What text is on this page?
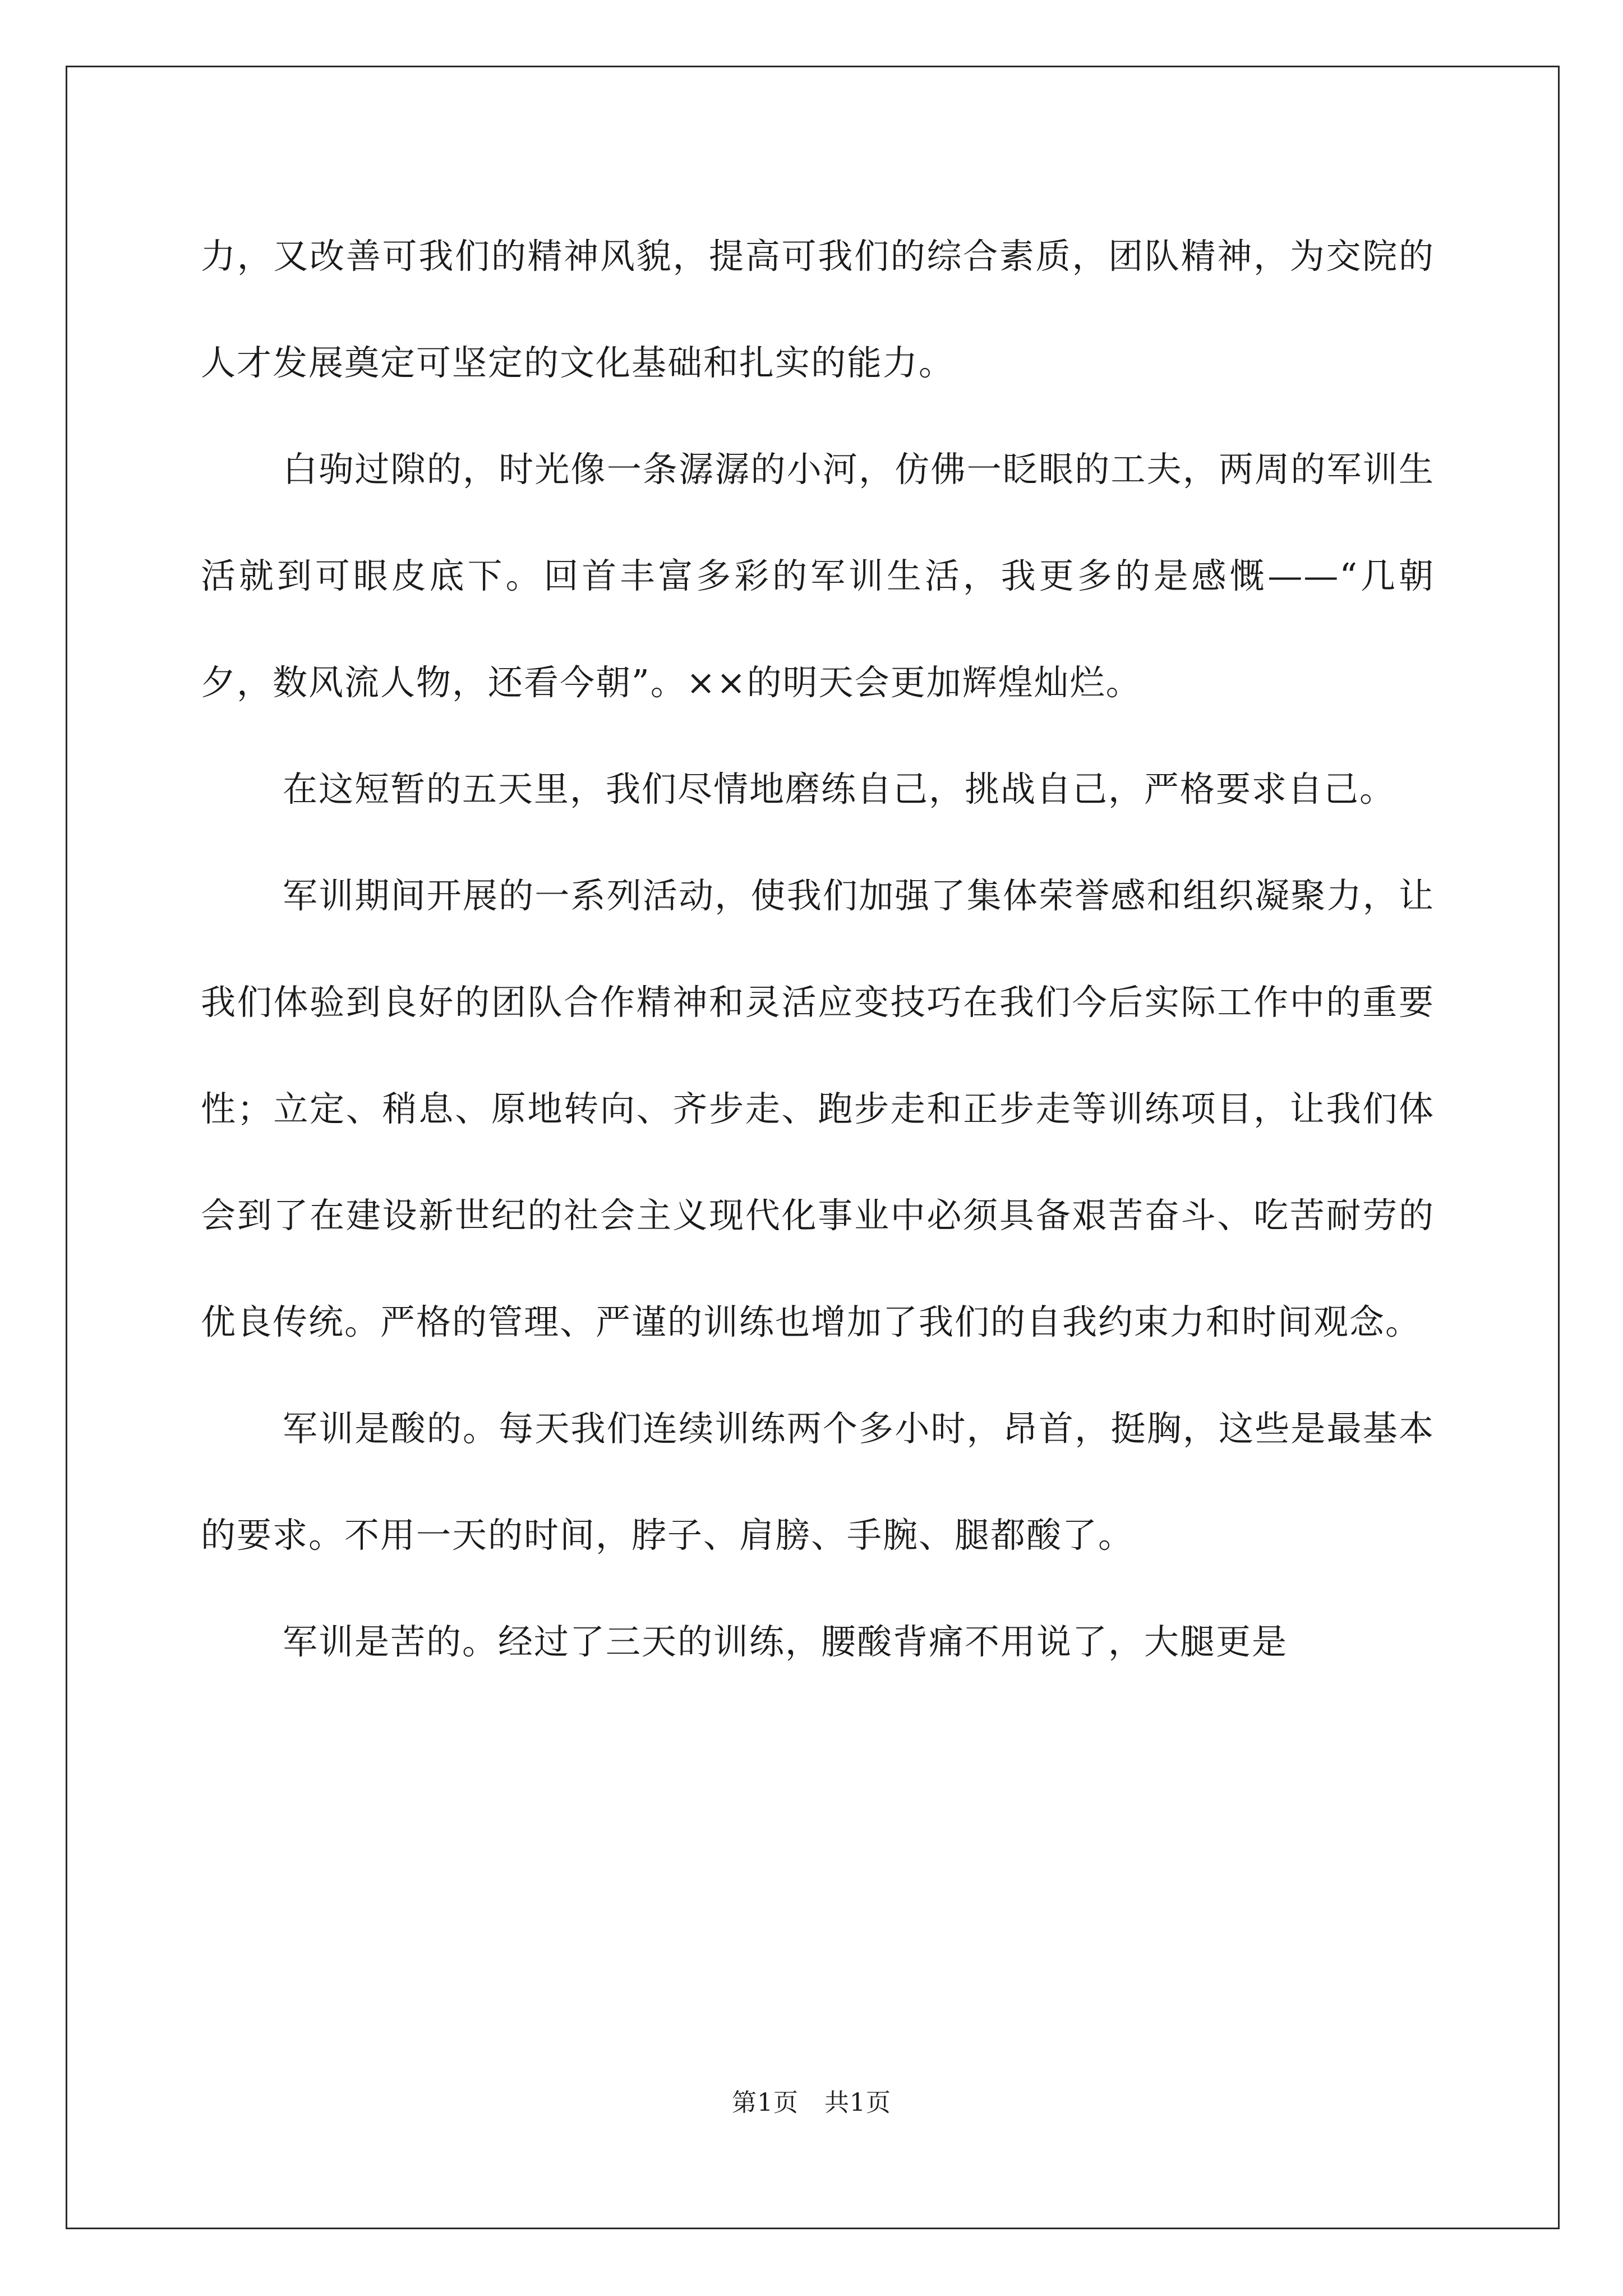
力，又改善可我们的精神风貌，提高可我们的综合素质，团队精神，为交院的人才发展奠定可坚定的文化基础和扎实的能力。

白驹过隙的，时光像一条潺潺的小河，仿佛一眨眼的工夫，两周的军训生活就到可眼皮底下。回首丰富多彩的军训生活，我更多的是感慨——“几朝夕，数风流人物，还看今朝”。××的明天会更加辉煌灿烂。

在这短暂的五天里，我们尽情地磨练自己，挑战自己，严格要求自己。

军训期间开展的一系列活动，使我们加强了集体荣誉感和组织凝聚力，让我们体验到良好的团队合作精神和灵活应变技巧在我们今后实际工作中的重要性；立定、稍息、原地转向、齐步走、跑步走和正步走等训练项目，让我们体会到了在建设新世纪的社会主义现代化事业中必须具备艰苦奋斗、吃苦耐劳的优良传统。严格的管理、严谨的训练也增加了我们的自我约束力和时间观念。

军训是酸的。每天我们连续训练两个多小时，昂首，挺胸，这些是最基本的要求。不用一天的时间，脖子、肩膀、手腕、腿都酸了。

军训是苦的。经过了三天的训练，腰酸背痛不用说了，大腿更是

第1页 共1页
